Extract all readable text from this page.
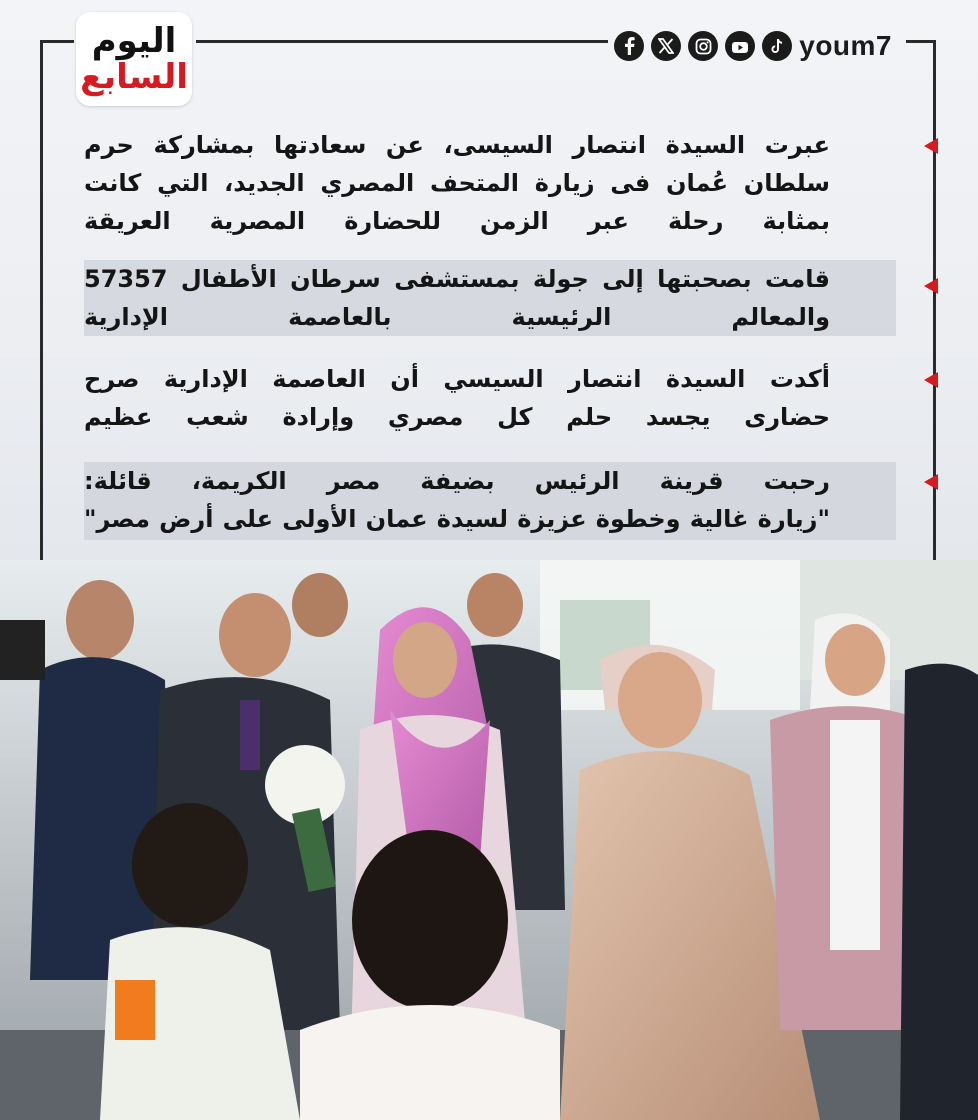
اليوم
السابع
youm7
عبرت السيدة انتصار السيسى، عن سعادتها بمشاركة حرم
سلطان عُمان فى زيارة المتحف المصري الجديد، التي كانت
بمثابة رحلة عبر الزمن للحضارة المصرية العريقة
قامت بصحبتها إلى جولة بمستشفى سرطان الأطفال 57357
والمعالم الرئيسية بالعاصمة الإدارية
أكدت السيدة انتصار السيسي أن العاصمة الإدارية صرح
حضارى يجسد حلم كل مصري وإرادة شعب عظيم
رحبت قرينة الرئيس بضيفة مصر الكريمة، قائلة:
"زيارة غالية وخطوة عزيزة لسيدة عمان الأولى على أرض مصر"
